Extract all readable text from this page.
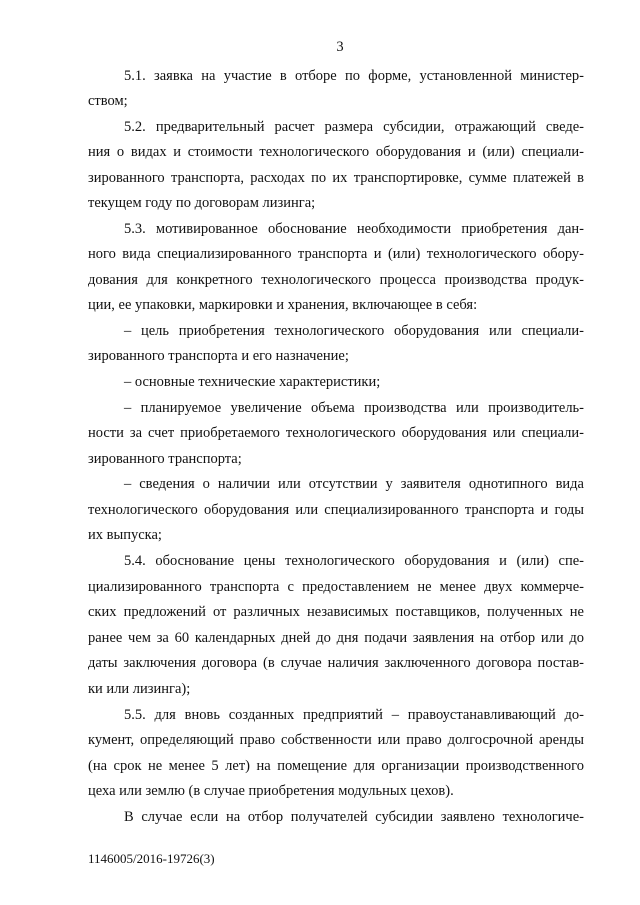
3
5.1. заявка на участие в отборе по форме, установленной министер-
ством;
5.2. предварительный расчет размера субсидии, отражающий сведе-
ния о видах и стоимости технологического оборудования и (или) специали-
зированного транспорта, расходах по их транспортировке, сумме платежей в
текущем году по договорам лизинга;
5.3. мотивированное обоснование необходимости приобретения дан-
ного вида специализированного транспорта и (или) технологического обору-
дования для конкретного технологического процесса производства продук-
ции, ее упаковки, маркировки и хранения, включающее в себя:
– цель приобретения технологического оборудования или специали-
зированного транспорта и его назначение;
– основные технические характеристики;
– планируемое увеличение объема производства или производитель-
ности за счет приобретаемого технологического оборудования или специали-
зированного транспорта;
– сведения о наличии или отсутствии у заявителя однотипного вида
технологического оборудования или специализированного транспорта и годы
их выпуска;
5.4. обоснование цены технологического оборудования и (или) спе-
циализированного транспорта с предоставлением не менее двух коммерче-
ских предложений от различных независимых поставщиков, полученных не
ранее чем за 60 календарных дней до дня подачи заявления на отбор или до
даты заключения договора (в случае наличия заключенного договора постав-
ки или лизинга);
5.5. для вновь созданных предприятий – правоустанавливающий до-
кумент, определяющий право собственности или право долгосрочной аренды
(на срок не менее 5 лет) на помещение для организации производственного
цеха или землю (в случае приобретения модульных цехов).
В случае если на отбор получателей субсидии заявлено технологиче-
1146005/2016-19726(3)
